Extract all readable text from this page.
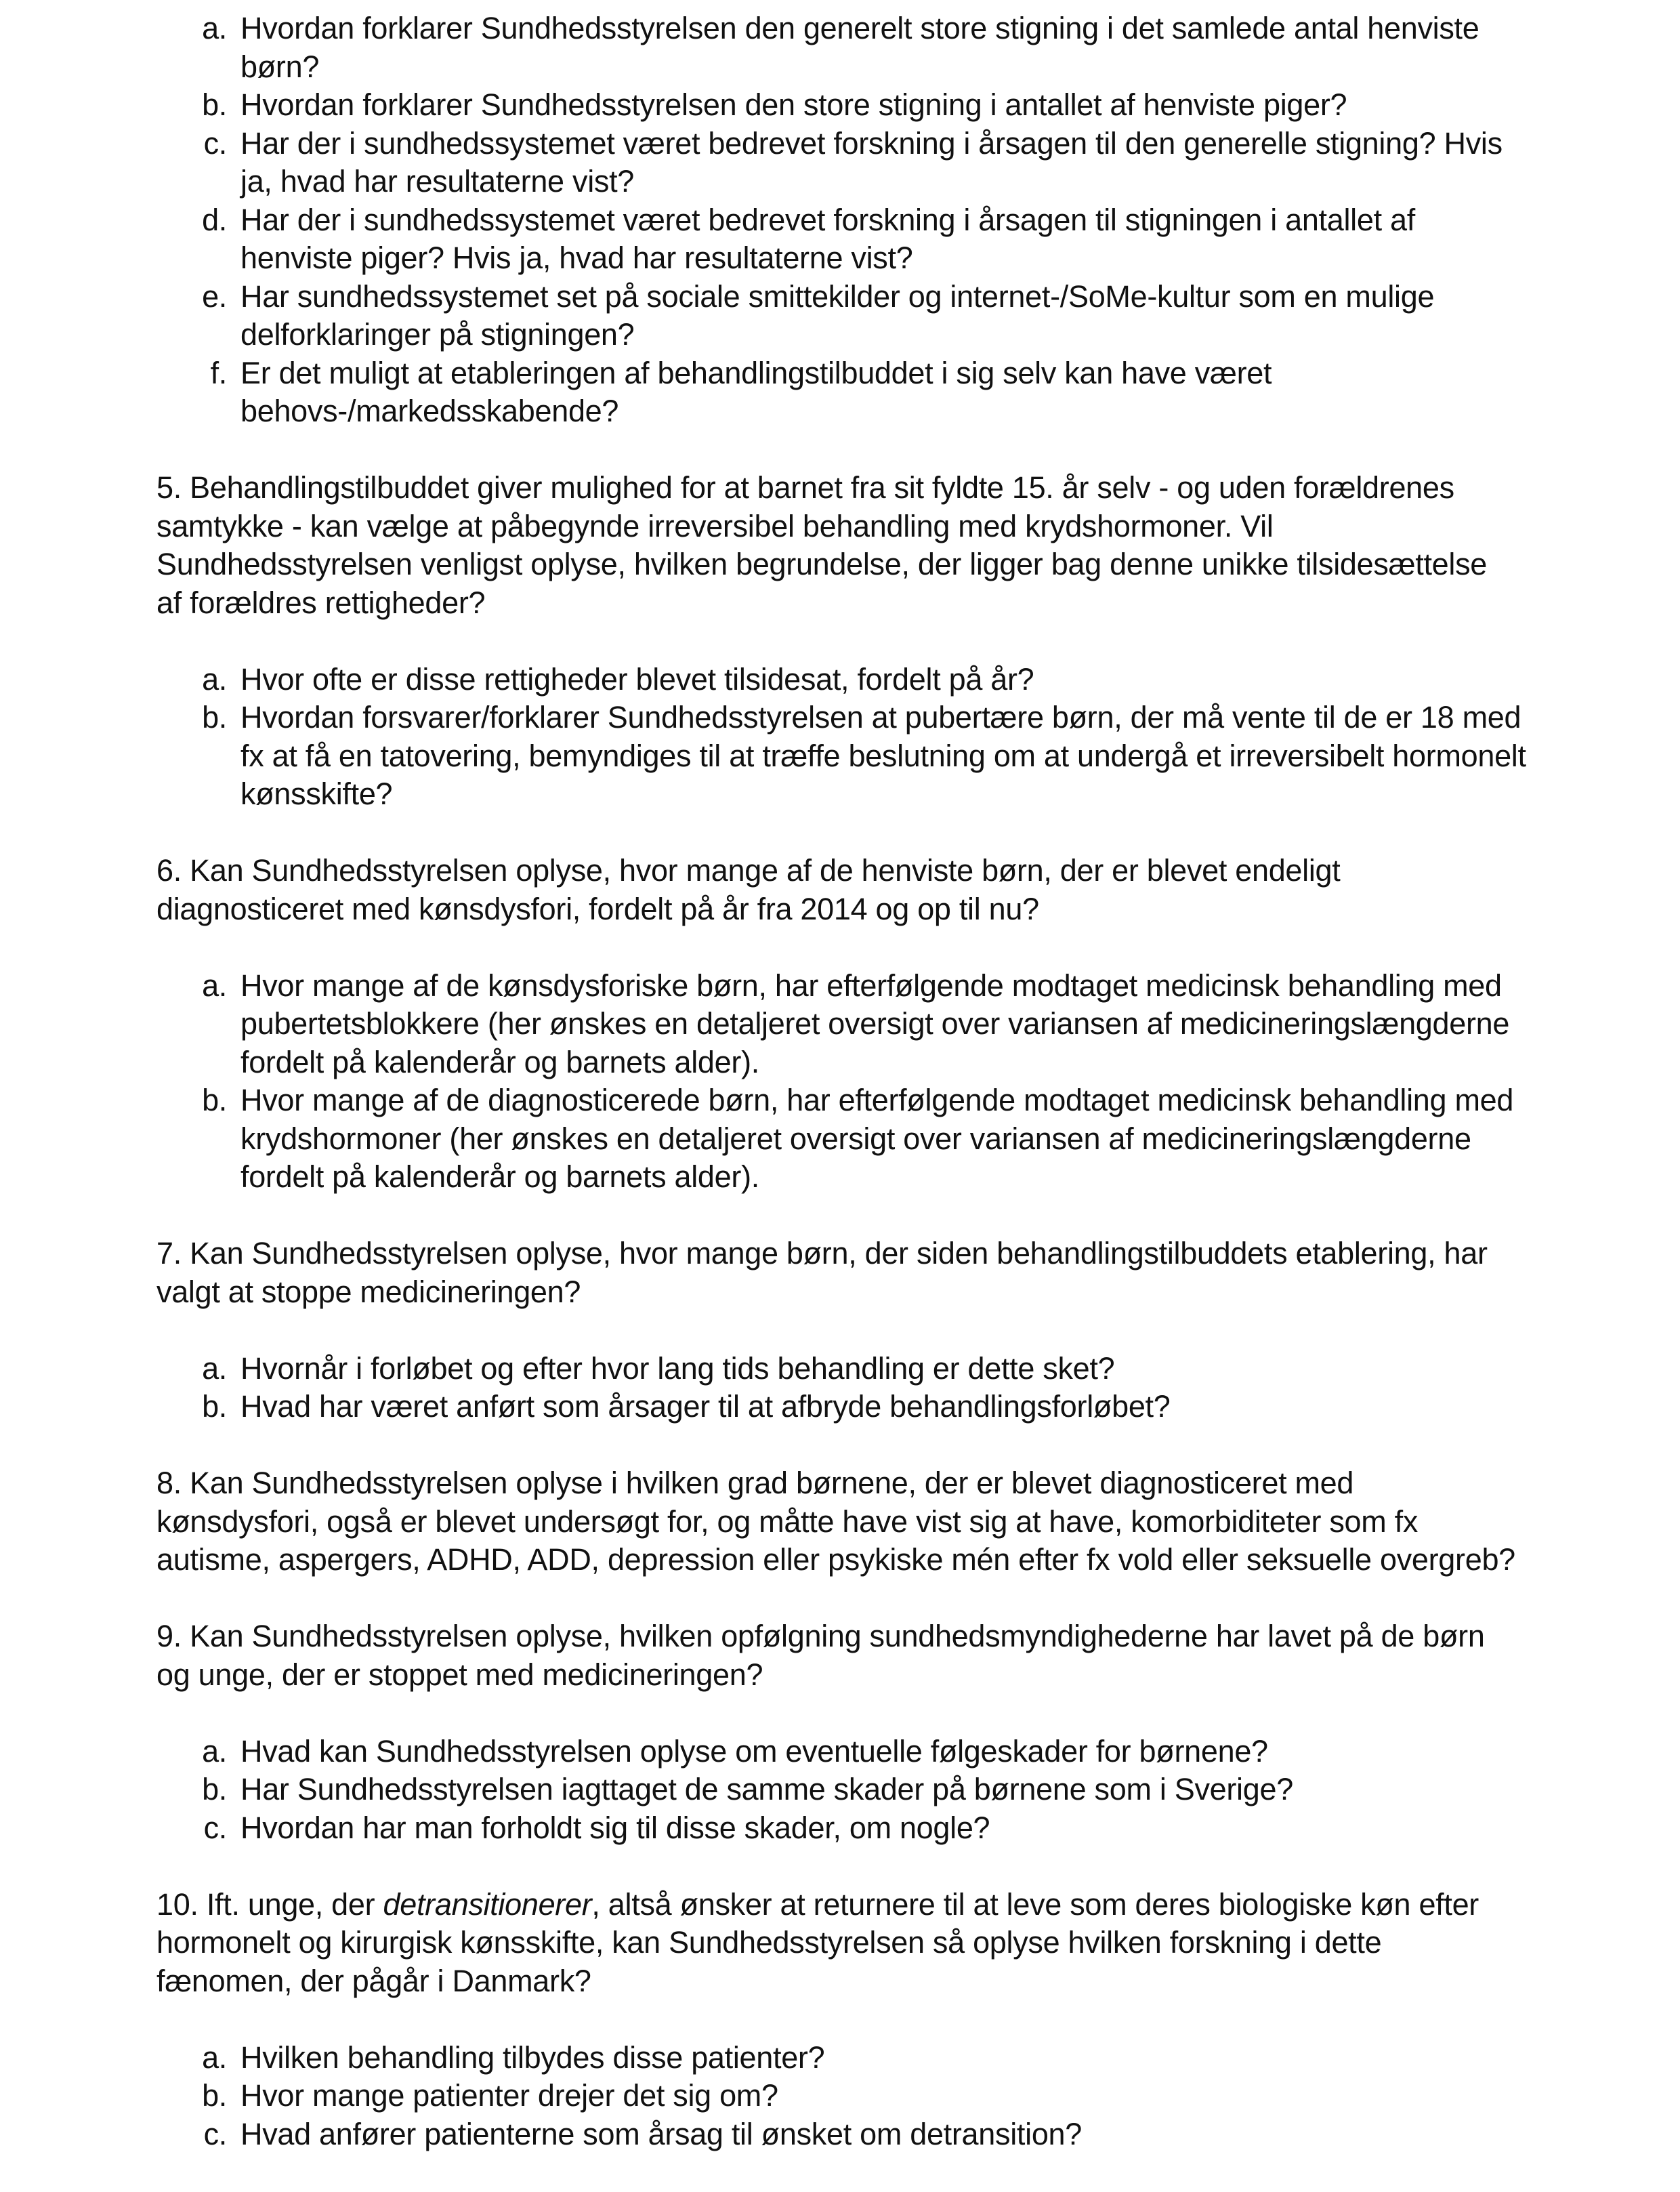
a. Hvordan forklarer Sundhedsstyrelsen den generelt store stigning i det samlede antal henviste børn?
b. Hvordan forklarer Sundhedsstyrelsen den store stigning i antallet af henviste piger?
c. Har der i sundhedssystemet været bedrevet forskning i årsagen til den generelle stigning? Hvis ja, hvad har resultaterne vist?
d. Har der i sundhedssystemet været bedrevet forskning i årsagen til stigningen i antallet af henviste piger? Hvis ja, hvad har resultaterne vist?
e. Har sundhedssystemet set på sociale smittekilder og internet-/SoMe-kultur som en mulige delforklaringer på stigningen?
f. Er det muligt at etableringen af behandlingstilbuddet i sig selv kan have været behovs-/markedsskabende?

5. Behandlingstilbuddet giver mulighed for at barnet fra sit fyldte 15. år selv - og uden forældrenes samtykke - kan vælge at påbegynde irreversibel behandling med krydshormoner. Vil Sundhedsstyrelsen venligst oplyse, hvilken begrundelse, der ligger bag denne unikke tilsidesættelse af forældres rettigheder?

a. Hvor ofte er disse rettigheder blevet tilsidesat, fordelt på år?
b. Hvordan forsvarer/forklarer Sundhedsstyrelsen at pubertære børn, der må vente til de er 18 med fx at få en tatovering, bemyndiges til at træffe beslutning om at undergå et irreversibelt hormonelt kønsskifte?

6. Kan Sundhedsstyrelsen oplyse, hvor mange af de henviste børn, der er blevet endeligt diagnosticeret med kønsdysfori, fordelt på år fra 2014 og op til nu?

a. Hvor mange af de kønsdysforiske børn, har efterfølgende modtaget medicinsk behandling med pubertetsblokkere (her ønskes en detaljeret oversigt over variansen af medicineringslængderne fordelt på kalenderår og barnets alder).
b. Hvor mange af de diagnosticerede børn, har efterfølgende modtaget medicinsk behandling med krydshormoner (her ønskes en detaljeret oversigt over variansen af medicineringslængderne fordelt på kalenderår og barnets alder).

7. Kan Sundhedsstyrelsen oplyse, hvor mange børn, der siden behandlingstilbuddets etablering, har valgt at stoppe medicineringen?

a. Hvornår i forløbet og efter hvor lang tids behandling er dette sket?
b. Hvad har været anført som årsager til at afbryde behandlingsforløbet?

8. Kan Sundhedsstyrelsen oplyse i hvilken grad børnene, der er blevet diagnosticeret med kønsdysfori, også er blevet undersøgt for, og måtte have vist sig at have, komorbiditeter som fx autisme, aspergers, ADHD, ADD, depression eller psykiske mén efter fx vold eller seksuelle overgreb?

9. Kan Sundhedsstyrelsen oplyse, hvilken opfølgning sundhedsmyndighederne har lavet på de børn og unge, der er stoppet med medicineringen?

a. Hvad kan Sundhedsstyrelsen oplyse om eventuelle følgeskader for børnene?
b. Har Sundhedsstyrelsen iagttaget de samme skader på børnene som i Sverige?
c. Hvordan har man forholdt sig til disse skader, om nogle?

10. Ift. unge, der detransitionerer, altså ønsker at returnere til at leve som deres biologiske køn efter hormonelt og kirurgisk kønsskifte, kan Sundhedsstyrelsen så oplyse hvilken forskning i dette fænomen, der pågår i Danmark?

a. Hvilken behandling tilbydes disse patienter?
b. Hvor mange patienter drejer det sig om?
c. Hvad anfører patienterne som årsag til ønsket om detransition?
